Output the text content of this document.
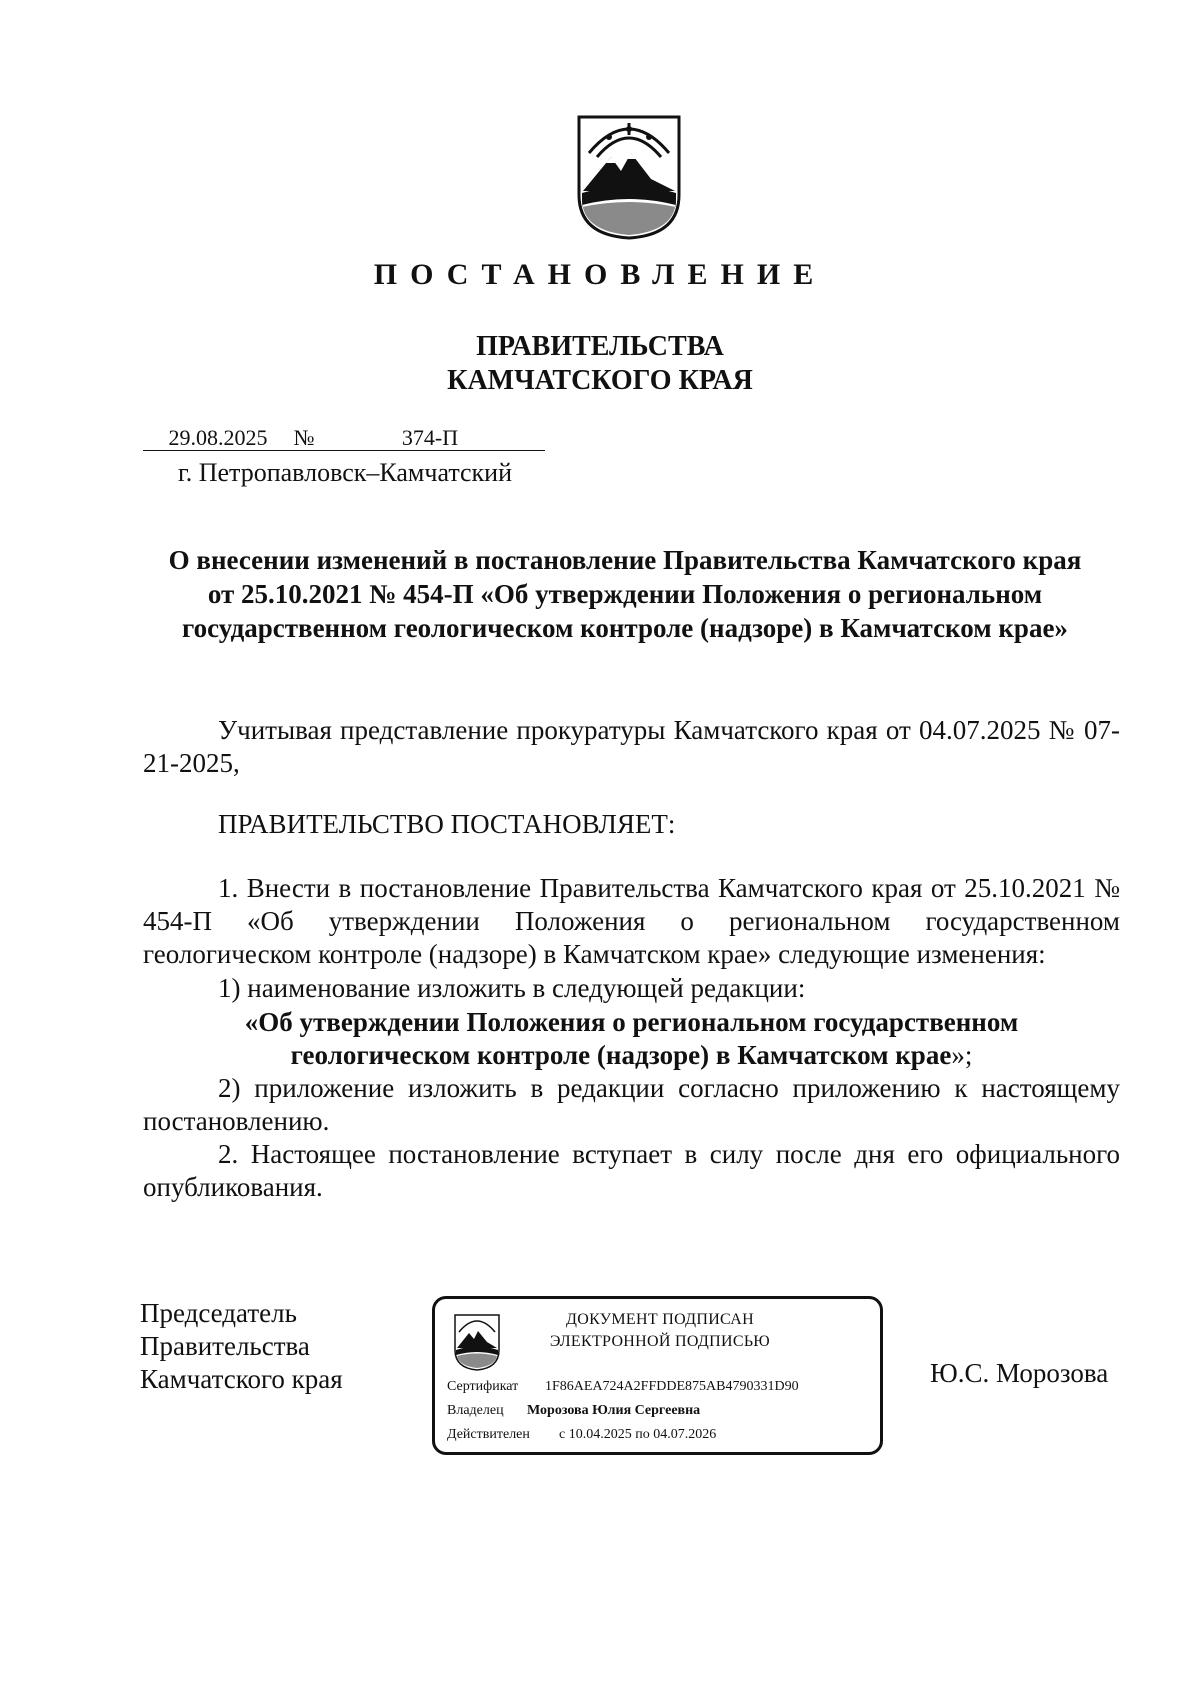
ПОСТАНОВЛЕНИЕ
ПРАВИТЕЛЬСТВА
КАМЧАТСКОГО КРАЯ
29.08.2025 №	374-П
г. Петропавловск–Камчатский
О внесении изменений в постановление Правительства Камчатского края
от 25.10.2021 № 454-П «Об утверждении Положения о региональном
государственном геологическом контроле (надзоре) в Камчатском крае»
Учитывая представление прокуратуры Камчатского края от 04.07.2025 № 07-21-2025,
ПРАВИТЕЛЬСТВО ПОСТАНОВЛЯЕТ:
1. Внести в постановление Правительства Камчатского края от 25.10.2021 № 454-П «Об утверждении Положения о региональном государственном геологическом контроле (надзоре) в Камчатском крае» следующие изменения:
1) наименование изложить в следующей редакции:
«Об утверждении Положения о региональном государственном
геологическом контроле (надзоре) в Камчатском крае»;
2) приложение изложить в редакции согласно приложению к настоящему постановлению.
2. Настоящее постановление вступает в силу после дня его официального опубликования.
Председатель
Правительства
Камчатского края
ДОКУМЕНТ ПОДПИСАН
ЭЛЕКТРОННОЙ ПОДПИСЬЮ
Сертификат 1F86AEA724A2FFDDE875AB4790331D90
Владелец Морозова Юлия Сергеевна
Действителен с 10.04.2025 по 04.07.2026
Ю.С. Морозова
